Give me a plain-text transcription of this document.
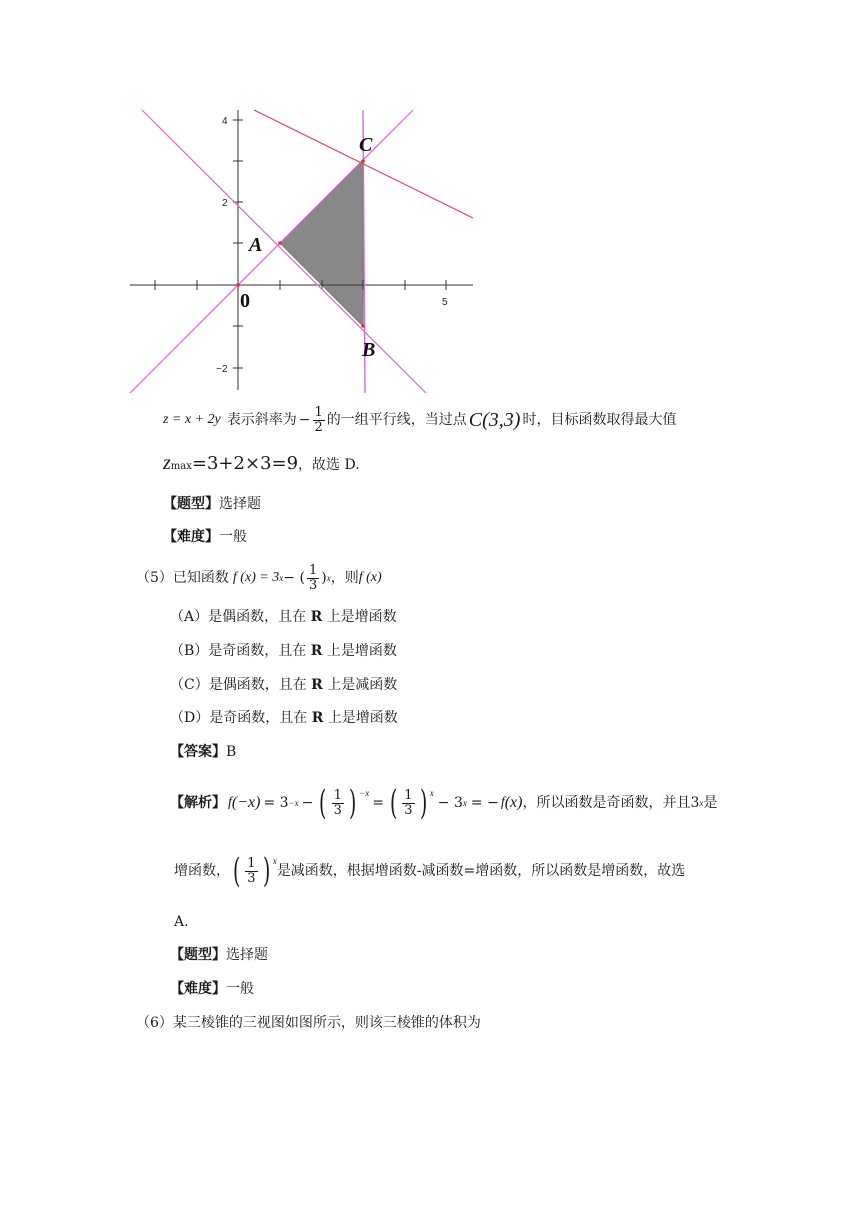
4
2
−2
5
0
A
B
C
z = x + 2y 表示斜率为 − $\frac{1}{2}$ 的一组平行线，当过点 C(3,3) 时，目标函数取得最大值
z max =3+2×3=9 ，故选 D.
【题型】选择题
【难度】一般
（5） 已知函数 f (x) = 3 x − ( $\frac{1}{3}$ ) x ，则 f (x)
（A）是偶函数，且在 R 上是增函数
（B）是奇函数，且在 R 上是增函数
（C）是偶函数，且在 R 上是减函数
（D）是奇函数，且在 R 上是增函数
【答案】B
【解析】 f (−x) = 3 −x − ( $\frac{1}{3}$ ) −x
= ( $\frac{1}{3}$ ) x
− 3 x = − f (x) ，所以函数是奇函数，并且 3 x 是
增函数， ( $\frac{1}{3}$ ) x
是减函数，根据增函数-减函数=增函数，所以函数是增函数，故选
A.
【题型】选择题
【难度】一般
（6）某三棱锥的三视图如图所示，则该三棱锥的体积为
